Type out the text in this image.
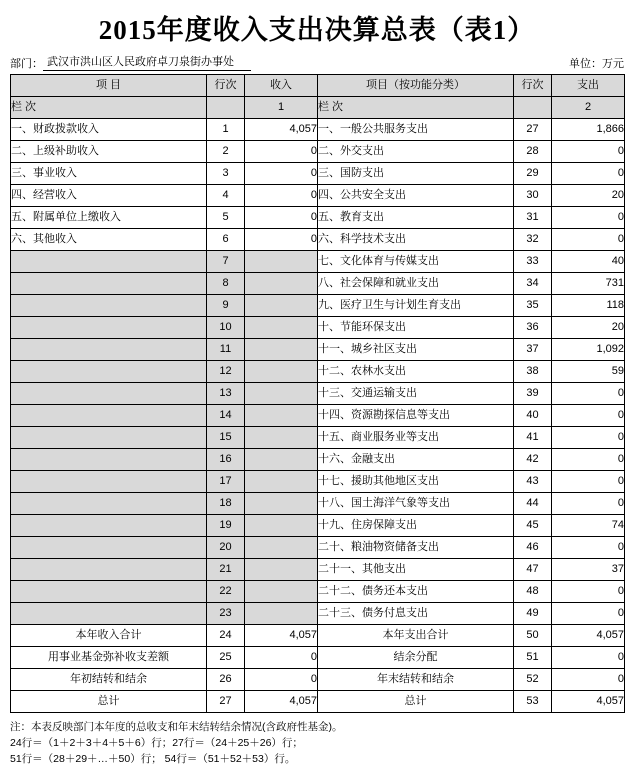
2015年度收入支出决算总表（表1）
部门： 武汉市洪山区人民政府卓刀泉街办事处	单位：万元
项 目	行次	收入	项目（按功能分类）	行次	支出
栏 次		1	栏 次		2
一、财政拨款收入	1	4,057	一、一般公共服务支出	27	1,866
二、上级补助收入	2	0	二、外交支出	28	0
三、事业收入	3	0	三、国防支出	29	0
四、经营收入	4	0	四、公共安全支出	30	20
五、附属单位上缴收入	5	0	五、教育支出	31	0
六、其他收入	6	0	六、科学技术支出	32	0
	7		七、文化体育与传媒支出	33	40
	8		八、社会保障和就业支出	34	731
	9		九、医疗卫生与计划生育支出	35	118
	10		十、节能环保支出	36	20
	11		十一、城乡社区支出	37	1,092
	12		十二、农林水支出	38	59
	13		十三、交通运输支出	39	0
	14		十四、资源勘探信息等支出	40	0
	15		十五、商业服务业等支出	41	0
	16		十六、金融支出	42	0
	17		十七、援助其他地区支出	43	0
	18		十八、国土海洋气象等支出	44	0
	19		十九、住房保障支出	45	74
	20		二十、粮油物资储备支出	46	0
	21		二十一、其他支出	47	37
	22		二十二、债务还本支出	48	0
	23		二十三、债务付息支出	49	0
本年收入合计	24	4,057	本年支出合计	50	4,057
用事业基金弥补收支差额	25	0	结余分配	51	0
年初结转和结余	26	0	年末结转和结余	52	0
总计	27	4,057	总计	53	4,057
注：本表反映部门本年度的总收支和年末结转结余情况(含政府性基金)。
24行＝（1＋2＋3＋4＋5＋6）行；27行＝（24＋25＋26）行；
51行＝（28＋29＋…＋50）行； 54行＝（51＋52＋53）行。
